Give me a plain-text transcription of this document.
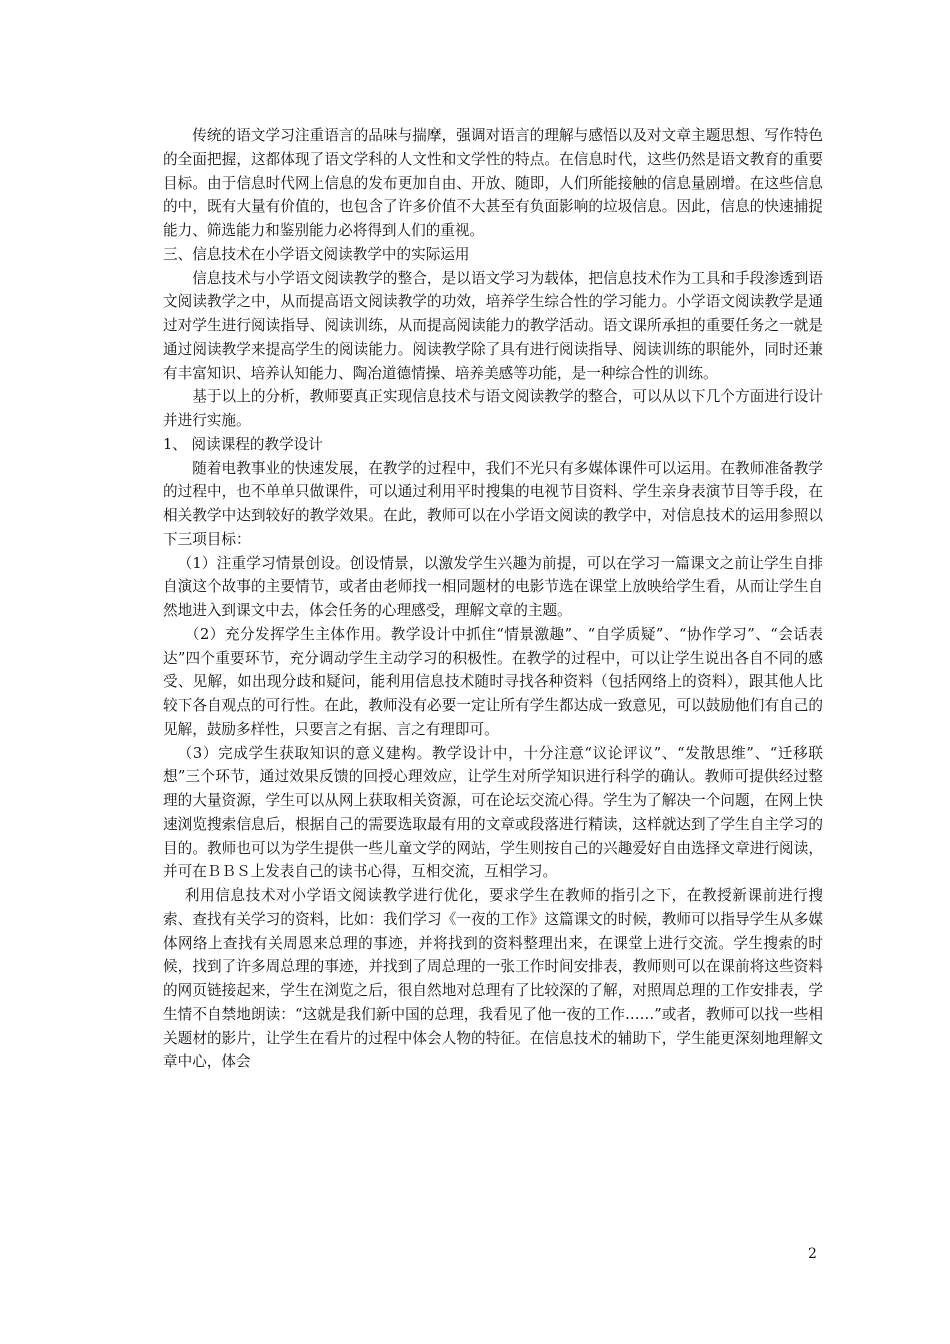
传统的语文学习注重语言的品味与揣摩，强调对语言的理解与感悟以及对文章主题思想、写作特色的全面把握，这都体现了语文学科的人文性和文学性的特点。在信息时代，这些仍然是语文教育的重要目标。由于信息时代网上信息的发布更加自由、开放、随即，人们所能接触的信息量剧增。在这些信息的中，既有大量有价值的，也包含了许多价值不大甚至有负面影响的垃圾信息。因此，信息的快速捕捉能力、筛选能力和鉴别能力必将得到人们的重视。

三、信息技术在小学语文阅读教学中的实际运用

信息技术与小学语文阅读教学的整合，是以语文学习为载体，把信息技术作为工具和手段渗透到语文阅读教学之中，从而提高语文阅读教学的功效，培养学生综合性的学习能力。小学语文阅读教学是通过对学生进行阅读指导、阅读训练，从而提高阅读能力的教学活动。语文课所承担的重要任务之一就是通过阅读教学来提高学生的阅读能力。阅读教学除了具有进行阅读指导、阅读训练的职能外，同时还兼有丰富知识、培养认知能力、陶冶道德情操、培养美感等功能，是一种综合性的训练。

基于以上的分析，教师要真正实现信息技术与语文阅读教学的整合，可以从以下几个方面进行设计并进行实施。

1、 阅读课程的教学设计

随着电教事业的快速发展，在教学的过程中，我们不光只有多媒体课件可以运用。在教师准备教学的过程中，也不单单只做课件，可以通过利用平时搜集的电视节目资料、学生亲身表演节目等手段，在相关教学中达到较好的教学效果。在此，教师可以在小学语文阅读的教学中，对信息技术的运用参照以下三项目标：

（1）注重学习情景创设。创设情景，以激发学生兴趣为前提，可以在学习一篇课文之前让学生自排自演这个故事的主要情节，或者由老师找一相同题材的电影节选在课堂上放映给学生看，从而让学生自然地进入到课文中去，体会任务的心理感受，理解文章的主题。

（2）充分发挥学生主体作用。教学设计中抓住“情景激趣”、“自学质疑”、“协作学习”、“会话表达”四个重要环节，充分调动学生主动学习的积极性。在教学的过程中，可以让学生说出各自不同的感受、见解，如出现分歧和疑问，能利用信息技术随时寻找各种资料（包括网络上的资料），跟其他人比较下各自观点的可行性。在此，教师没有必要一定让所有学生都达成一致意见，可以鼓励他们有自己的见解，鼓励多样性，只要言之有据、言之有理即可。

（3）完成学生获取知识的意义建构。教学设计中，十分注意“议论评议”、“发散思维”、“迁移联想”三个环节，通过效果反馈的回授心理效应，让学生对所学知识进行科学的确认。教师可提供经过整理的大量资源，学生可以从网上获取相关资源，可在论坛交流心得。学生为了解决一个问题，在网上快速浏览搜索信息后，根据自己的需要选取最有用的文章或段落进行精读，这样就达到了学生自主学习的目的。教师也可以为学生提供一些儿童文学的网站，学生则按自己的兴趣爱好自由选择文章进行阅读，并可在ＢＢＳ上发表自己的读书心得，互相交流，互相学习。

利用信息技术对小学语文阅读教学进行优化，要求学生在教师的指引之下，在教授新课前进行搜索、查找有关学习的资料，比如：我们学习《一夜的工作》这篇课文的时候，教师可以指导学生从多媒体网络上查找有关周恩来总理的事迹，并将找到的资料整理出来，在课堂上进行交流。学生搜索的时候，找到了许多周总理的事迹，并找到了周总理的一张工作时间安排表，教师则可以在课前将这些资料的网页链接起来，学生在浏览之后，很自然地对总理有了比较深的了解，对照周总理的工作安排表，学生情不自禁地朗读：“这就是我们新中国的总理，我看见了他一夜的工作……”或者，教师可以找一些相关题材的影片，让学生在看片的过程中体会人物的特征。在信息技术的辅助下，学生能更深刻地理解文章中心，体会

2
